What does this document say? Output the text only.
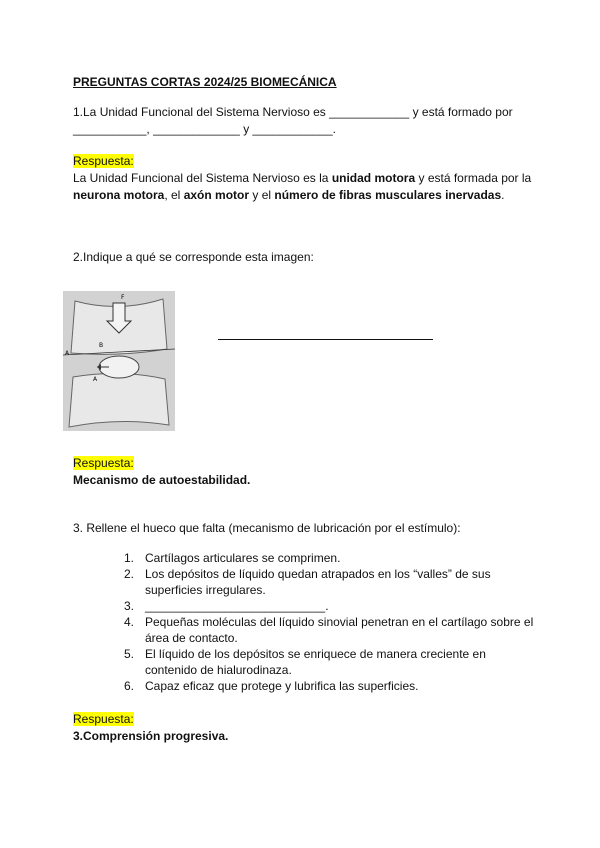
PREGUNTAS CORTAS 2024/25 BIOMECÁNICA
1.La Unidad Funcional del Sistema Nervioso es ____________ y está formado por
___________, _____________ y ____________.
Respuesta:
La Unidad Funcional del Sistema Nervioso es la unidad motora y está formada por la neurona motora, el axón motor y el número de fibras musculares inervadas.
2.Indique a qué se corresponde esta imagen:
F
B
A
A
Respuesta:
Mecanismo de autoestabilidad.
3. Rellene el hueco que falta (mecanismo de lubricación por el estímulo):
1. Cartílagos articulares se comprimen.
2. Los depósitos de líquido quedan atrapados en los “valles” de sus superficies irregulares.
3. ___________________________.
4. Pequeñas moléculas del líquido sinovial penetran en el cartílago sobre el área de contacto.
5. El líquido de los depósitos se enriquece de manera creciente en contenido de hialurodinaza.
6. Capaz eficaz que protege y lubrifica las superficies.
Respuesta:
3.Comprensión progresiva.
